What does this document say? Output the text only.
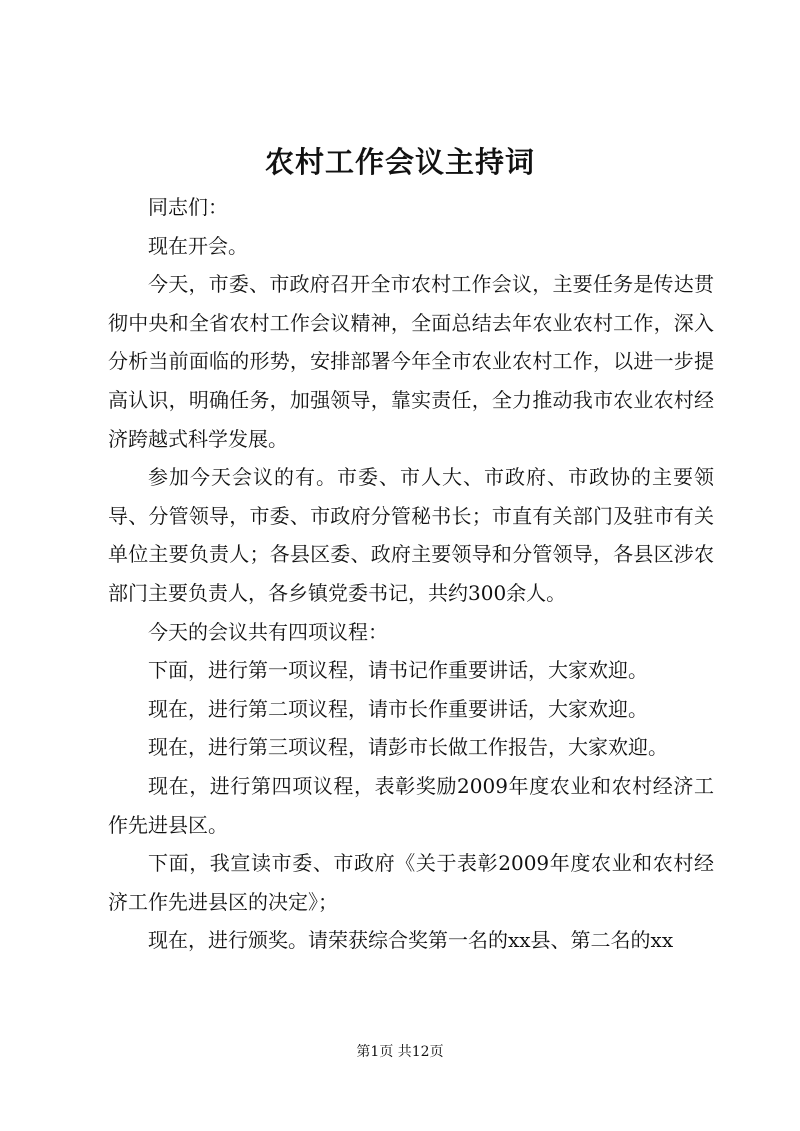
农村工作会议主持词

同志们：

现在开会。

今天，市委、市政府召开全市农村工作会议，主要任务是传达贯彻中央和全省农村工作会议精神，全面总结去年农业农村工作，深入分析当前面临的形势，安排部署今年全市农业农村工作，以进一步提高认识，明确任务，加强领导，靠实责任，全力推动我市农业农村经济跨越式科学发展。

参加今天会议的有。市委、市人大、市政府、市政协的主要领导、分管领导，市委、市政府分管秘书长；市直有关部门及驻市有关单位主要负责人；各县区委、政府主要领导和分管领导，各县区涉农部门主要负责人，各乡镇党委书记，共约300余人。

今天的会议共有四项议程：

下面，进行第一项议程，请书记作重要讲话，大家欢迎。

现在，进行第二项议程，请市长作重要讲话，大家欢迎。

现在，进行第三项议程，请彭市长做工作报告，大家欢迎。

现在，进行第四项议程，表彰奖励2009年度农业和农村经济工作先进县区。

下面，我宣读市委、市政府《关于表彰2009年度农业和农村经济工作先进县区的决定》；

现在，进行颁奖。请荣获综合奖第一名的xx县、第二名的xx

第1页 共12页
